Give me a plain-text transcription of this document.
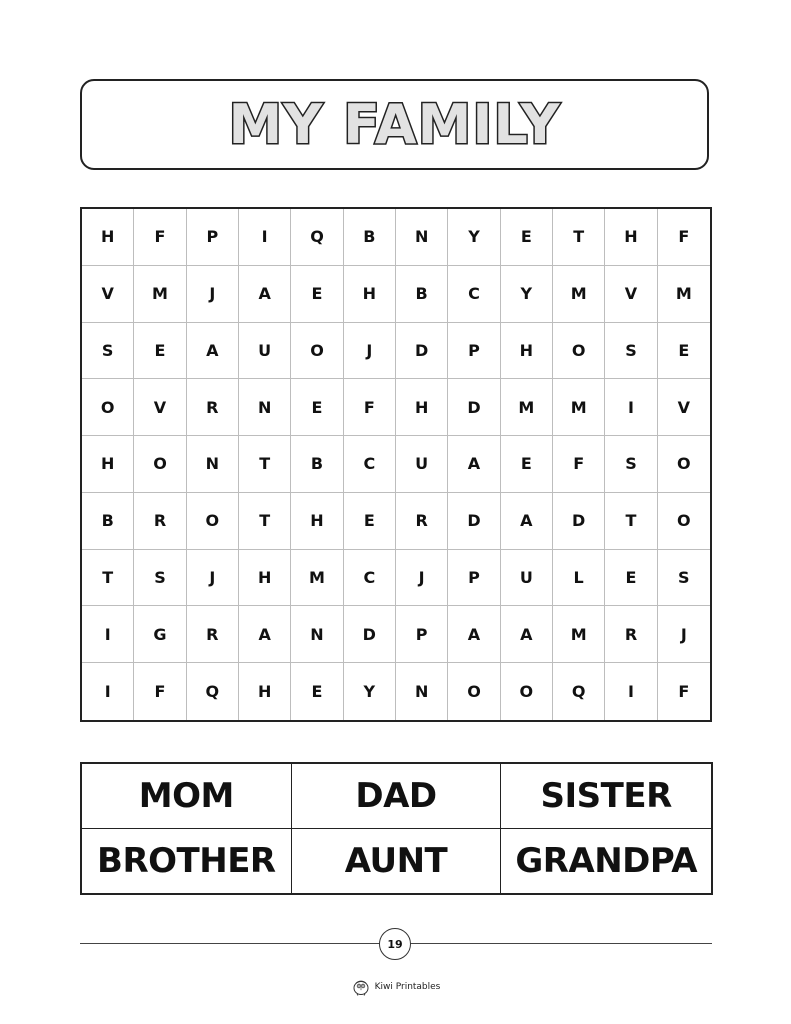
MY FAMILY
H	F	P	I	Q	B	N	Y	E	T	H	F
V	M	J	A	E	H	B	C	Y	M	V	M
S	E	A	U	O	J	D	P	H	O	S	E
O	V	R	N	E	F	H	D	M	M	I	V
H	O	N	T	B	C	U	A	E	F	S	O
B	R	O	T	H	E	R	D	A	D	T	O
T	S	J	H	M	C	J	P	U	L	E	S
I	G	R	A	N	D	P	A	A	M	R	J
I	F	Q	H	E	Y	N	O	O	Q	I	F
MOM	DAD	SISTER
BROTHER	AUNT	GRANDPA
19
Kiwi Printables
